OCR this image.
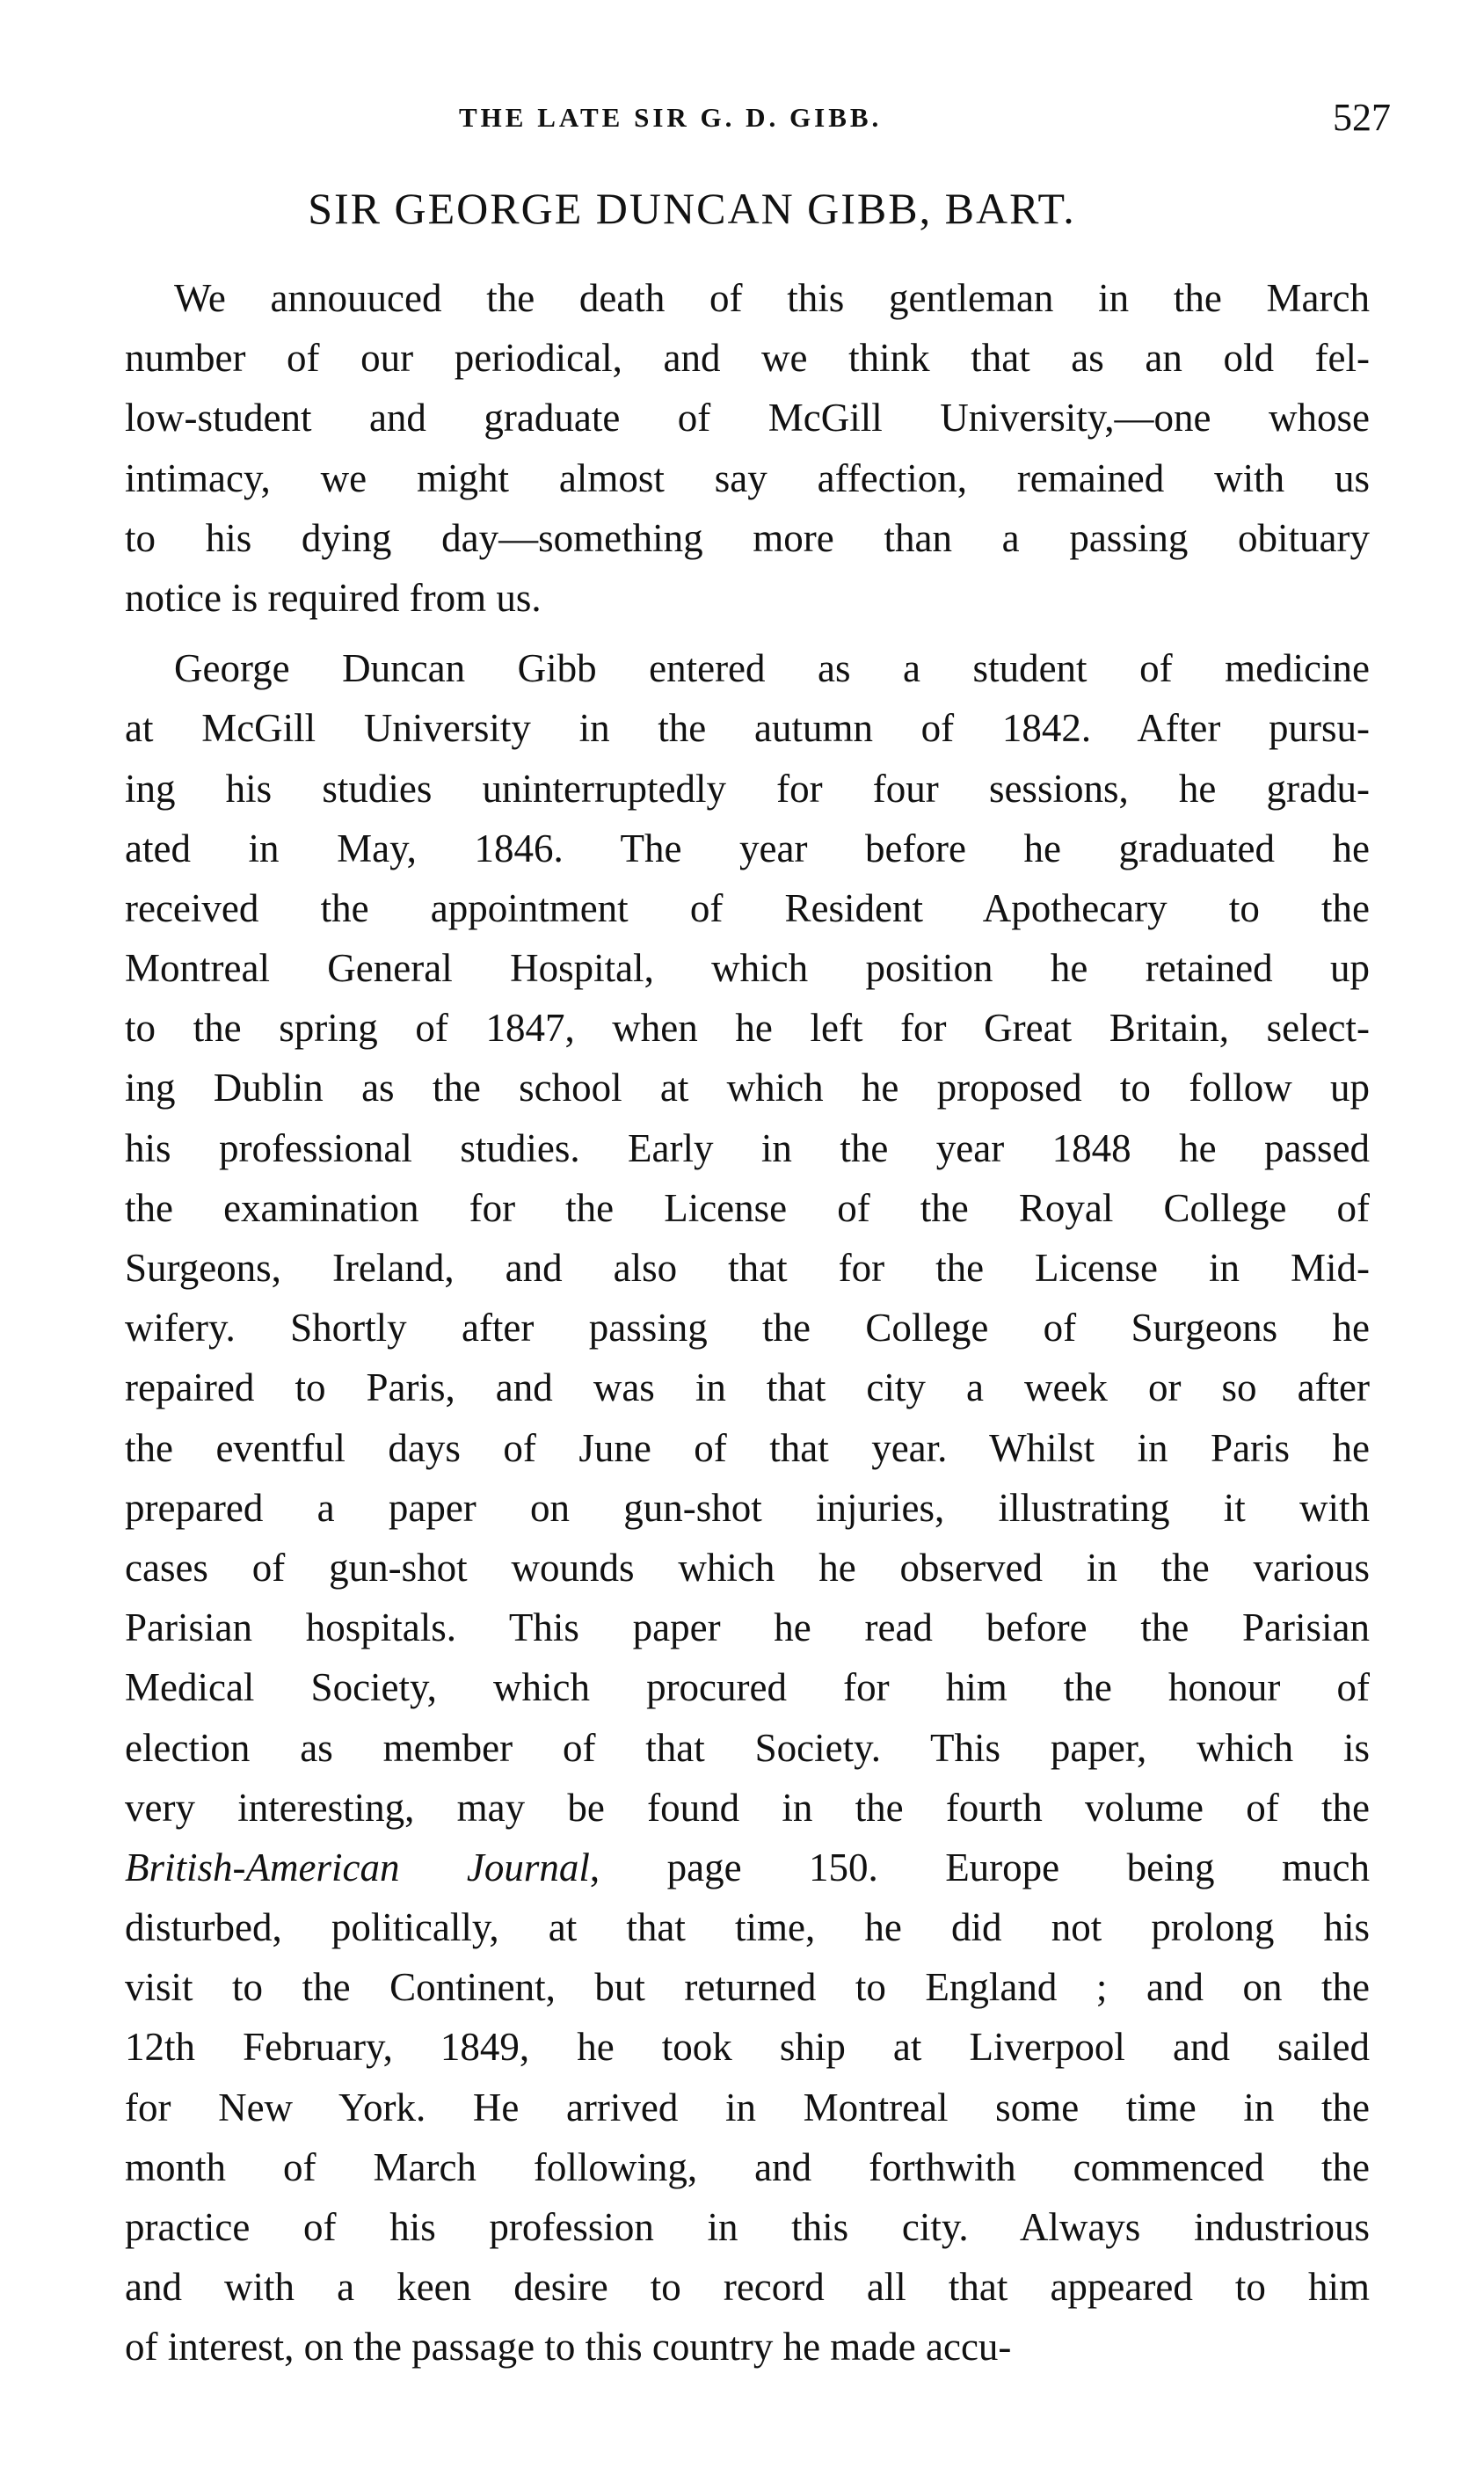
THE LATE SIR G. D. GIBB.	527
SIR GEORGE DUNCAN GIBB, BART.
We annouuced the death of this gentleman in the March
number of our periodical, and we think that as an old fel-
low-student and graduate of McGill University,—one whose
intimacy, we might almost say affection, remained with us
to his dying day—something more than a passing obituary
notice is required from us.
George Duncan Gibb entered as a student of medicine
at McGill University in the autumn of 1842. After pursu-
ing his studies uninterruptedly for four sessions, he gradu-
ated in May, 1846. The year before he graduated he
received the appointment of Resident Apothecary to the
Montreal General Hospital, which position he retained up
to the spring of 1847, when he left for Great Britain, select-
ing Dublin as the school at which he proposed to follow up
his professional studies. Early in the year 1848 he passed
the examination for the License of the Royal College of
Surgeons, Ireland, and also that for the License in Mid-
wifery. Shortly after passing the College of Surgeons he
repaired to Paris, and was in that city a week or so after
the eventful days of June of that year. Whilst in Paris he
prepared a paper on gun-shot injuries, illustrating it with
cases of gun-shot wounds which he observed in the various
Parisian hospitals. This paper he read before the Parisian
Medical Society, which procured for him the honour of
election as member of that Society. This paper, which is
very interesting, may be found in the fourth volume of the
British-American Journal, page 150. Europe being much
disturbed, politically, at that time, he did not prolong his
visit to the Continent, but returned to England ; and on the
12th February, 1849, he took ship at Liverpool and sailed
for New York. He arrived in Montreal some time in the
month of March following, and forthwith commenced the
practice of his profession in this city. Always industrious
and with a keen desire to record all that appeared to him
of interest, on the passage to this country he made accu-
